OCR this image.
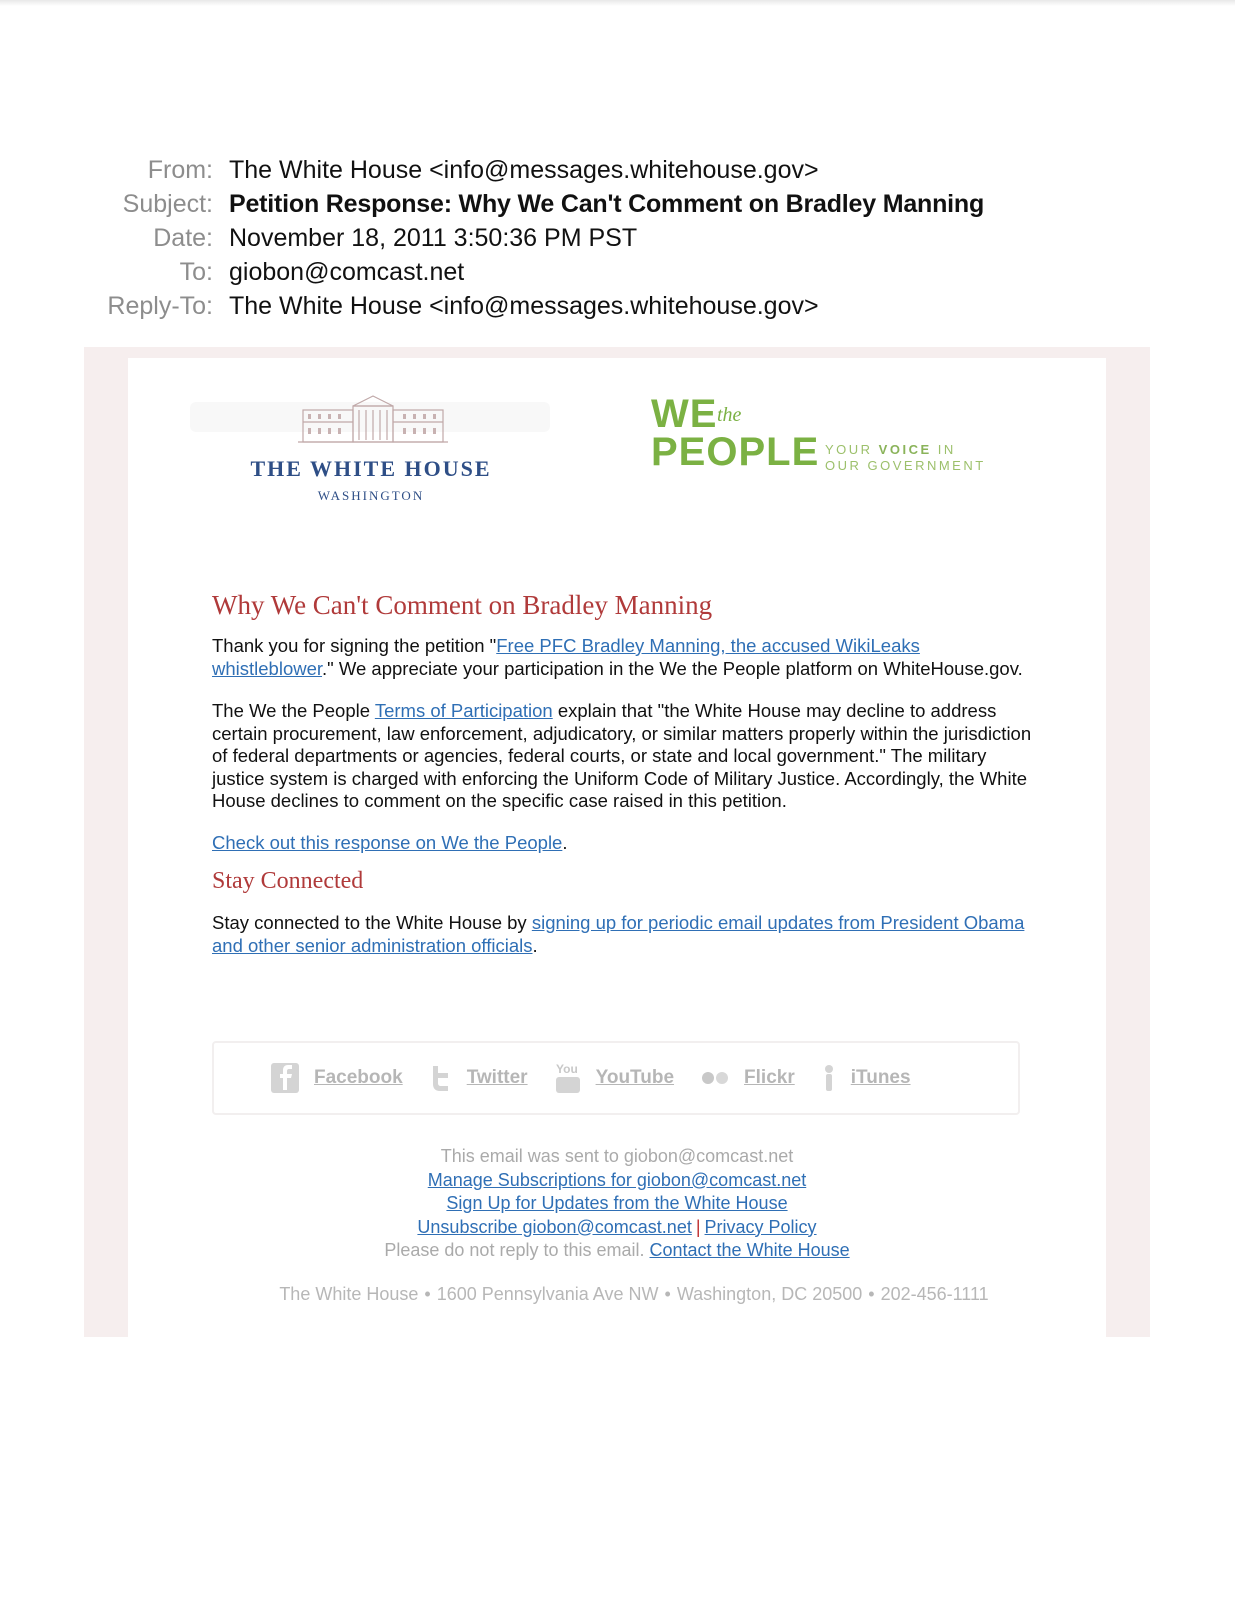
From: The White House <info@messages.whitehouse.gov>
Subject: Petition Response: Why We Can't Comment on Bradley Manning
Date: November 18, 2011 3:50:36 PM PST
To: giobon@comcast.net
Reply-To: The White House <info@messages.whitehouse.gov>
THE WHITE HOUSE
WASHINGTON
WE the
PEOPLE YOUR VOICE IN
OUR GOVERNMENT
Why We Can't Comment on Bradley Manning

Thank you for signing the petition "Free PFC Bradley Manning, the accused WikiLeaks whistleblower." We appreciate your participation in the We the People platform on WhiteHouse.gov.

The We the People Terms of Participation explain that "the White House may decline to address certain procurement, law enforcement, adjudicatory, or similar matters properly within the jurisdiction of federal departments or agencies, federal courts, or state and local government." The military justice system is charged with enforcing the Uniform Code of Military Justice. Accordingly, the White House declines to comment on the specific case raised in this petition.

Check out this response on We the People.

Stay Connected

Stay connected to the White House by signing up for periodic email updates from President Obama and other senior administration officials.

Facebook	Twitter You YouTube	Flickr	iTunes
This email was sent to giobon@comcast.net
Manage Subscriptions for giobon@comcast.net
Sign Up for Updates from the White House
Unsubscribe giobon@comcast.net | Privacy Policy
Please do not reply to this email. Contact the White House
The White House • 1600 Pennsylvania Ave NW • Washington, DC 20500 • 202-456-1111
